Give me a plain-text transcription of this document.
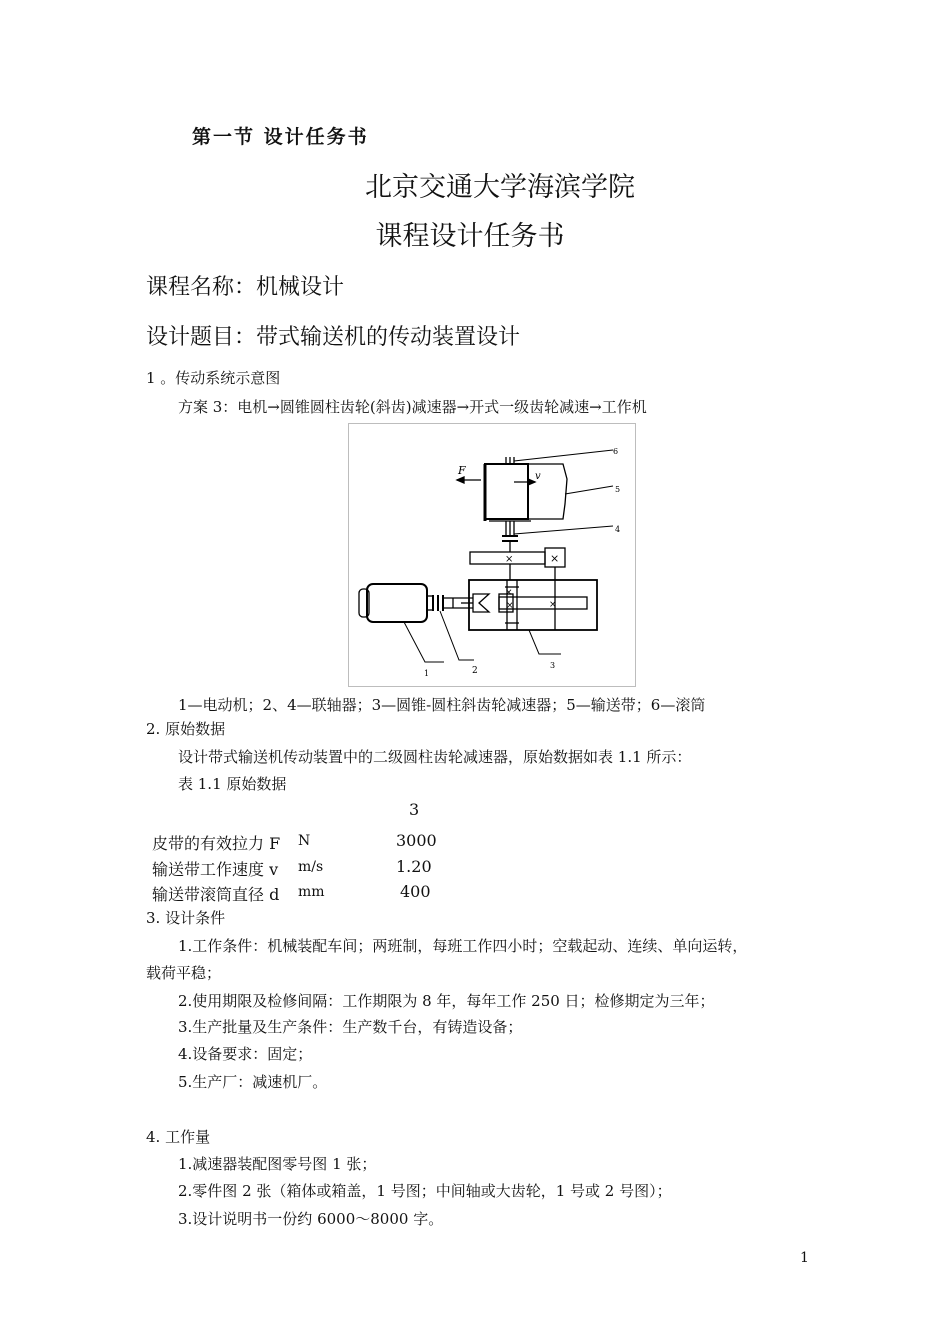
第一节 设计任务书
北京交通大学海滨学院
课程设计任务书
课程名称：机械设计
设计题目：带式输送机的传动装置设计
1 。传动系统示意图
方案 3：电机→圆锥圆柱齿轮(斜齿)减速器→开式一级齿轮减速→工作机
F	v
6
5
4
×	×
×	×
×
1	2
3
1—电动机；2、4—联轴器；3—圆锥-圆柱斜齿轮减速器；5—输送带；6—滚筒
2. 原始数据
设计带式输送机传动装置中的二级圆柱齿轮减速器，原始数据如表 1.1 所示：
表 1.1 原始数据
3
皮带的有效拉力 F N	3000
输送带工作速度 v m/s	1.20
输送带滚筒直径 d mm	400
3. 设计条件
1.工作条件：机械装配车间；两班制，每班工作四小时；空载起动、连续、单向运转，
载荷平稳；
2.使用期限及检修间隔：工作期限为 8 年，每年工作 250 日；检修期定为三年；
3.生产批量及生产条件：生产数千台，有铸造设备；
4.设备要求：固定；
5.生产厂：减速机厂。
4. 工作量
1.减速器装配图零号图 1 张；
2.零件图 2 张（箱体或箱盖，1 号图；中间轴或大齿轮，1 号或 2 号图）；
3.设计说明书一份约 6000～8000 字。
1
